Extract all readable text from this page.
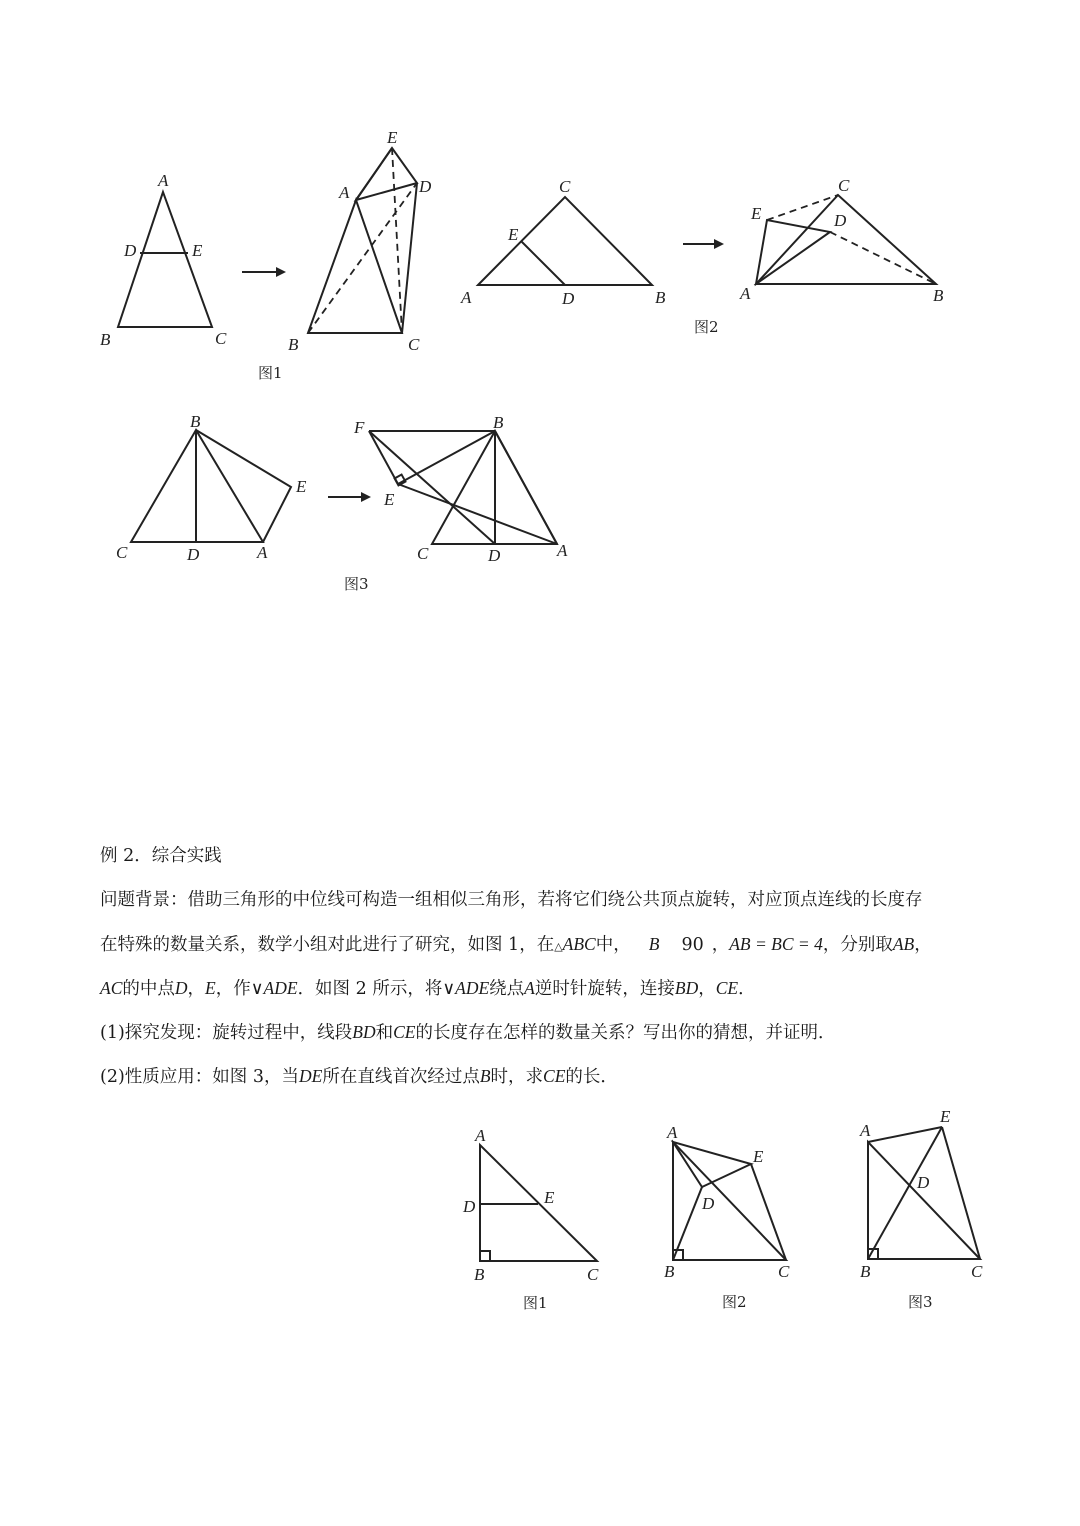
A
D	E
B	C
E
A	D
B	C
图1
C
E
A	D	B
C
E	D
A	B
图2
B
E
C	D	A
F	B
E
C	D	A
图3
例 2．综合实践
问题背景：借助三角形的中位线可构造一组相似三角形，若将它们绕公共顶点旋转，对应顶点连线的长度存
在特殊的数量关系，数学小组对此进行了研究，如图 1，在△ABC中， B 90 ，AB = BC = 4，分别取AB，
AC的中点D，E，作∨ADE．如图 2 所示，将∨ADE绕点A逆时针旋转，连接BD，CE．
(1)探究发现：旋转过程中，线段BD和CE的长度存在怎样的数量关系？写出你的猜想，并证明．
(2)性质应用：如图 3，当DE所在直线首次经过点B时，求CE的长．
A
D	E
B	C
图1
A
E
D
B	C
图2
A
E
D
B	C
图3
